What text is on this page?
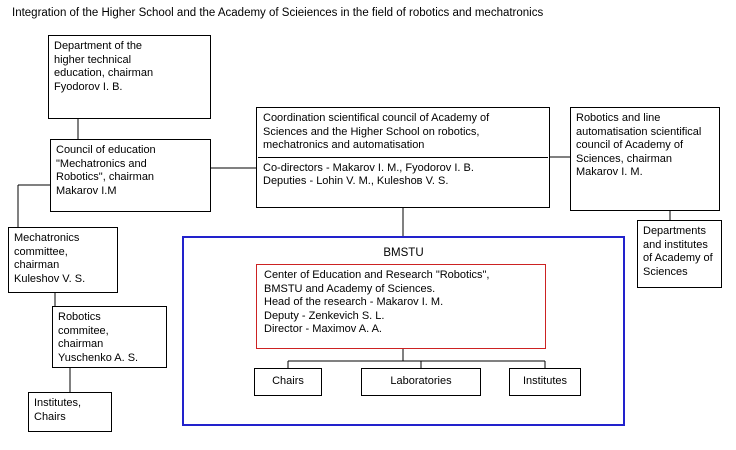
Integration of the Higher School and the Academy of Scieiences in the field of robotics and mechatronics
BMSTU
Department of the
higher technical
education, chairman
Fyodorov I. B.
Council of education
"Mechatronics and
Robotics", chairman
Makarov I.M
Coordination scientifical council of Academy of
Sciences and the Higher School on robotics,
mechatronics and automatisation
Co-directors - Makarov I. M., Fyodorov I. B.
Deputies - Lohin V. M., Kuleshoв V. S.
Robotics and line
automatisation scientifical
council of Academy of
Sciences, chairman
Makarov I. M.
Departments
and institutes
of Academy of
Sciences
Mechatronics
committee,
chairman
Kuleshov V. S.
Robotics
commitee,
chairman
Yuschenko A. S.
Institutes,
Chairs
Center of Education and Research "Robotics",
BMSTU and Academy of Sciences.
Head of the research - Makarov I. M.
Deputy - Zenkevich S. L.
Director - Maximov A. A.
Chairs	Laboratories	Institutes
